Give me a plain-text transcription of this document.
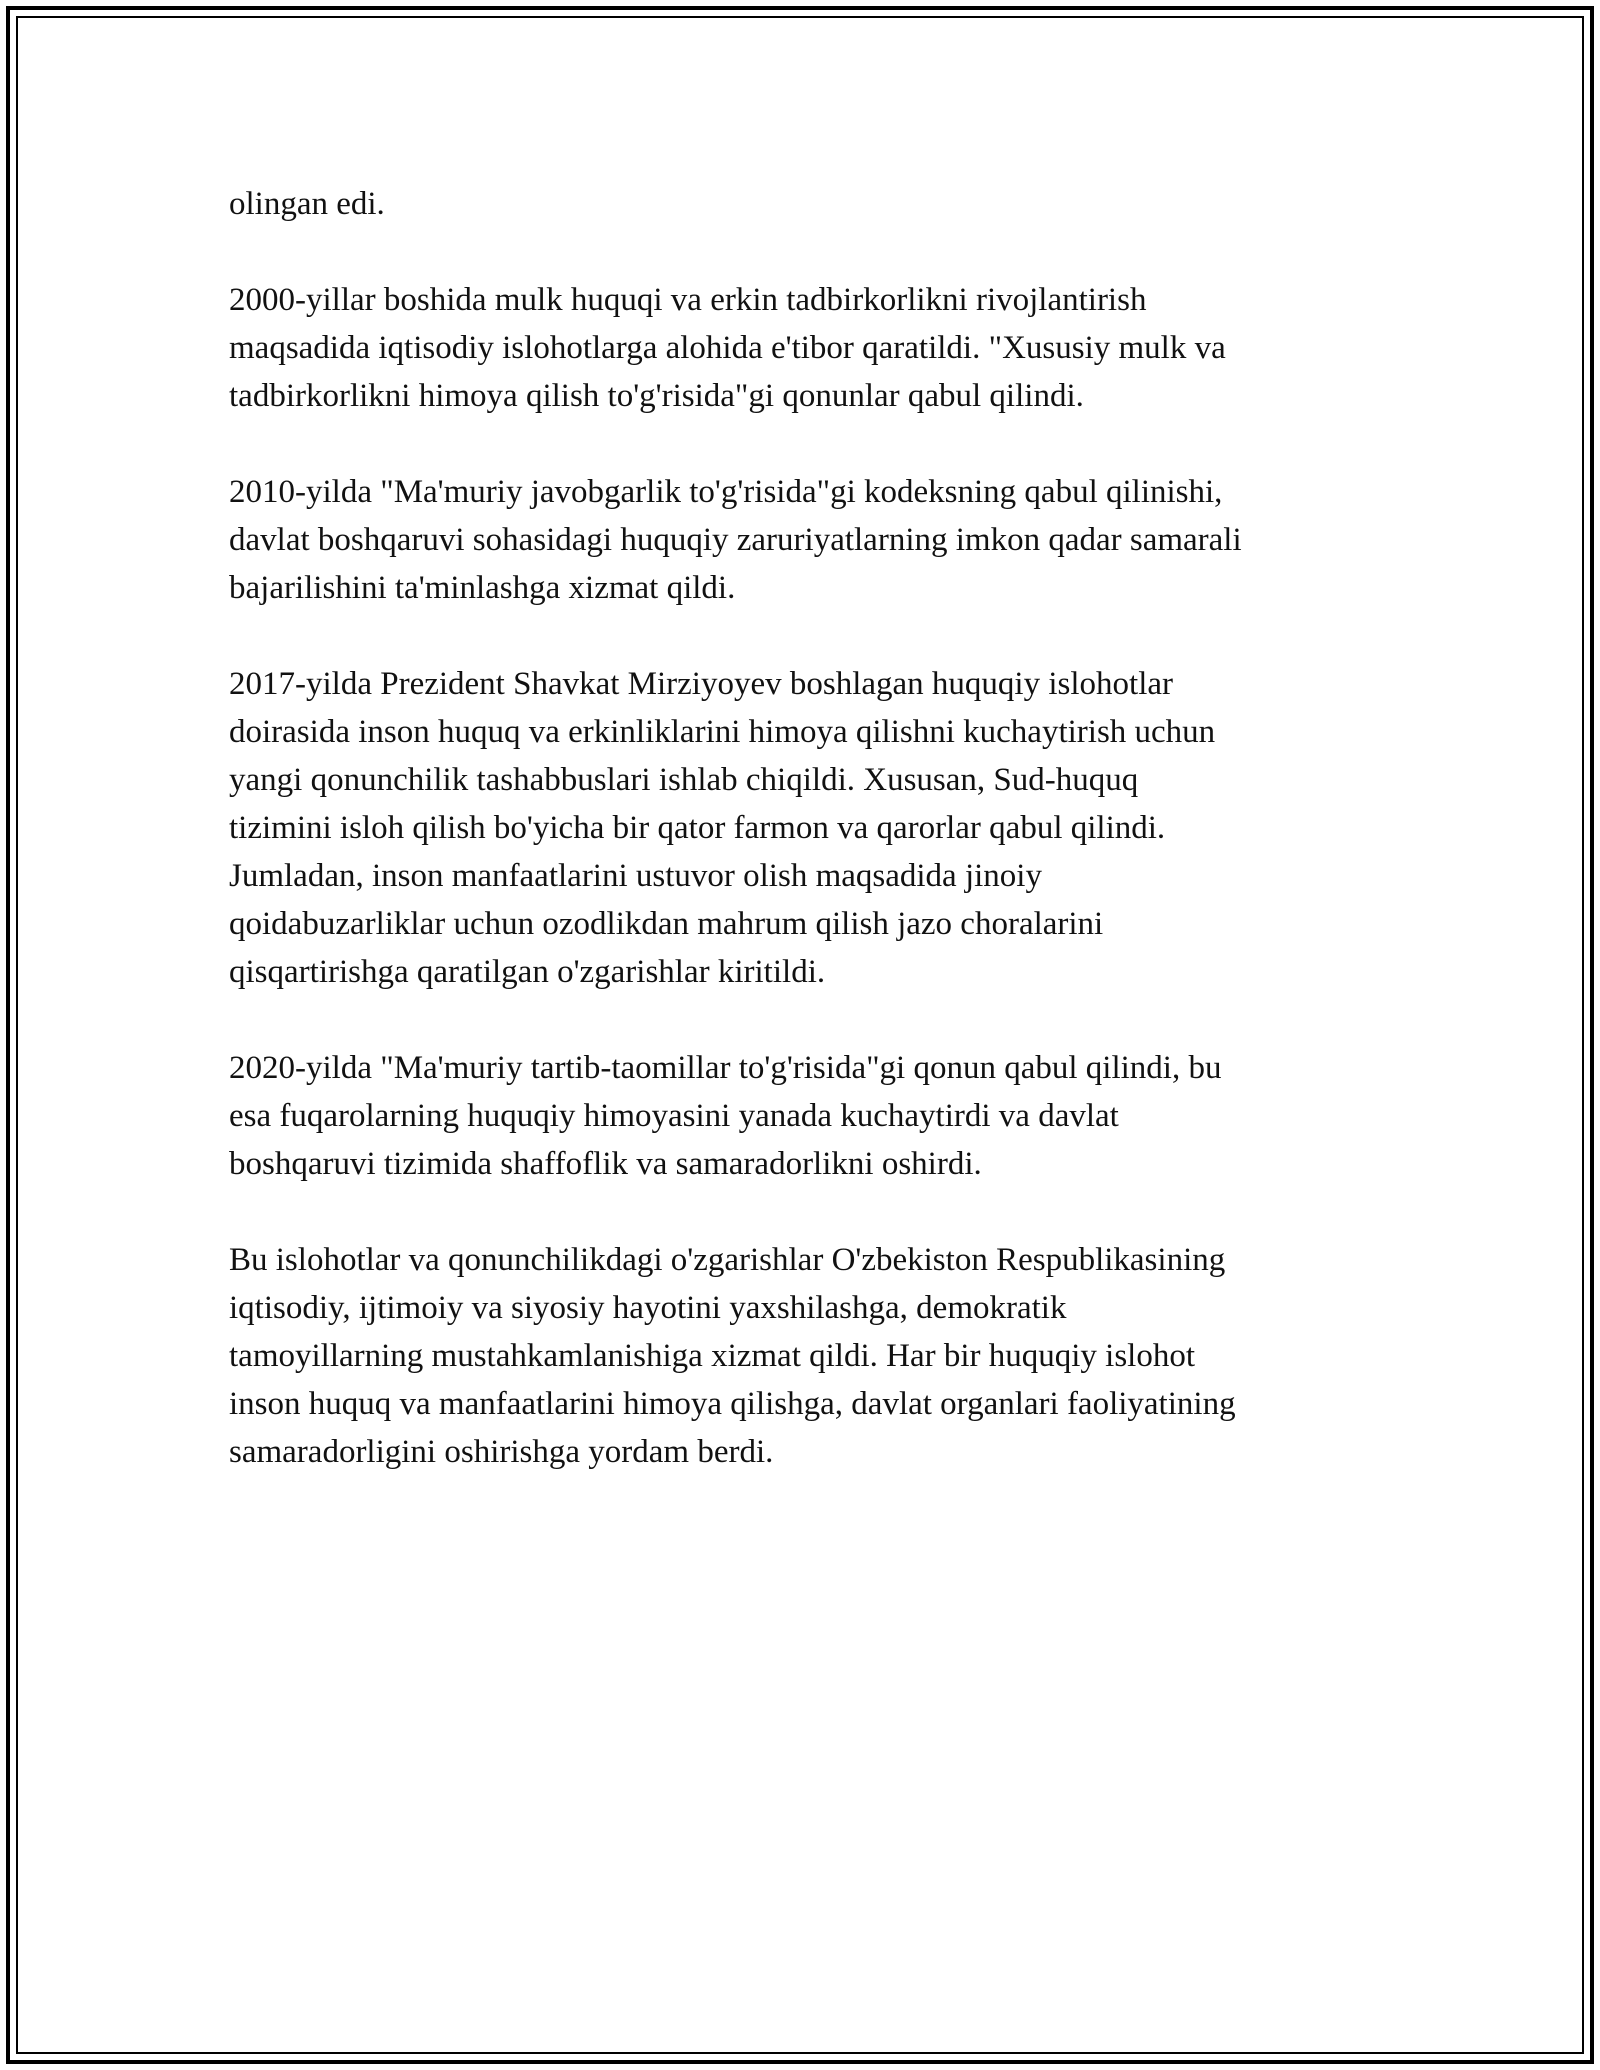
olingan edi.

2000-yillar boshida mulk huquqi va erkin tadbirkorlikni rivojlantirish
maqsadida iqtisodiy islohotlarga alohida e'tibor qaratildi. "Xususiy mulk va
tadbirkorlikni himoya qilish to'g'risida"gi qonunlar qabul qilindi.

2010-yilda "Ma'muriy javobgarlik to'g'risida"gi kodeksning qabul qilinishi,
davlat boshqaruvi sohasidagi huquqiy zaruriyatlarning imkon qadar samarali
bajarilishini ta'minlashga xizmat qildi.

2017-yilda Prezident Shavkat Mirziyoyev boshlagan huquqiy islohotlar
doirasida inson huquq va erkinliklarini himoya qilishni kuchaytirish uchun
yangi qonunchilik tashabbuslari ishlab chiqildi. Xususan, Sud-huquq
tizimini isloh qilish bo'yicha bir qator farmon va qarorlar qabul qilindi.
Jumladan, inson manfaatlarini ustuvor olish maqsadida jinoiy
qoidabuzarliklar uchun ozodlikdan mahrum qilish jazo choralarini
qisqartirishga qaratilgan o'zgarishlar kiritildi.

2020-yilda "Ma'muriy tartib-taomillar to'g'risida"gi qonun qabul qilindi, bu
esa fuqarolarning huquqiy himoyasini yanada kuchaytirdi va davlat
boshqaruvi tizimida shaffoflik va samaradorlikni oshirdi.

Bu islohotlar va qonunchilikdagi o'zgarishlar O'zbekiston Respublikasining
iqtisodiy, ijtimoiy va siyosiy hayotini yaxshilashga, demokratik
tamoyillarning mustahkamlanishiga xizmat qildi. Har bir huquqiy islohot
inson huquq va manfaatlarini himoya qilishga, davlat organlari faoliyatining
samaradorligini oshirishga yordam berdi.
